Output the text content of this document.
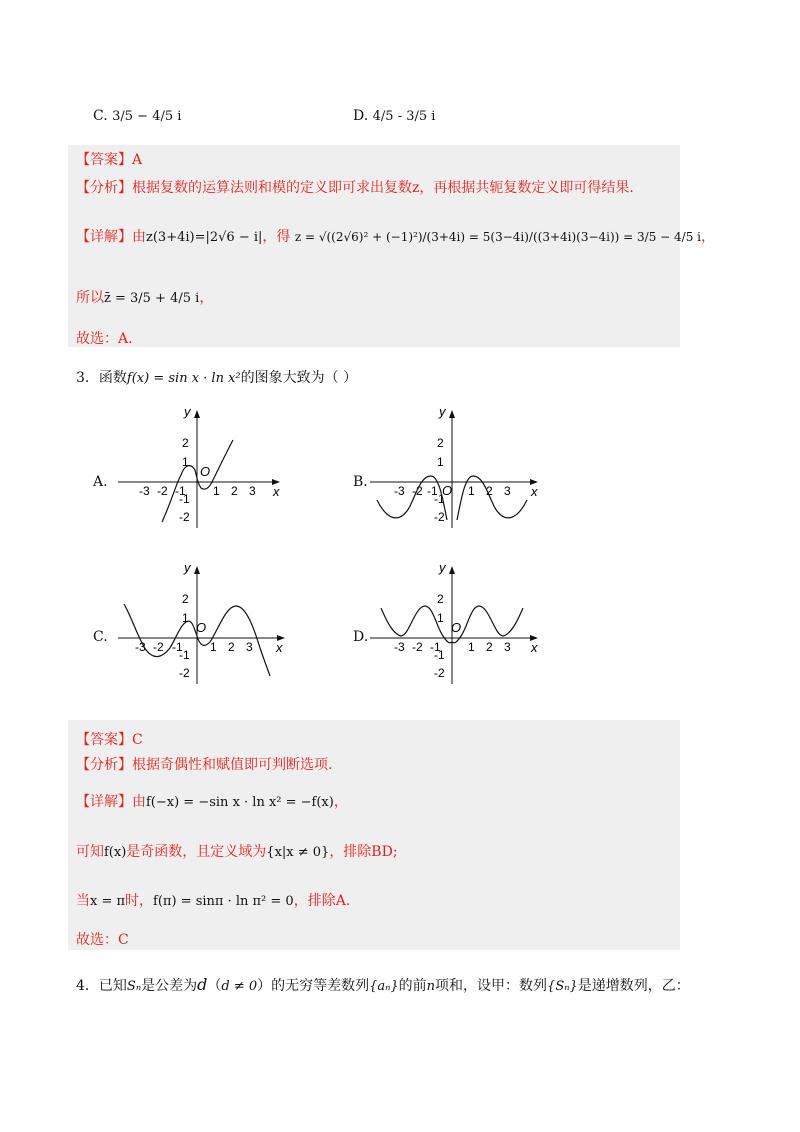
C. 3/5 − 4/5 i	D. 4/5 - 3/5 i
【答案】A
【分析】根据复数的运算法则和模的定义即可求出复数z，再根据共轭复数定义即可得结果.
【详解】由z(3+4i)=|2√6 − i|，得 z = √((2√6)² + (−1)²)/(3+4i) = 5(3−4i)/((3+4i)(3−4i)) = 3/5 − 4/5 i，
所以z̄ = 3/5 + 4/5 i，
故选：A.
3．函数f(x) = sin x · ln x²的图象大致为（ ）
A.	B.
C.	D.
y
x
O
-3 -2 -1 1 2 3
2
1
-1
-2
y
x
O
-3 -2 -1	1 2 3
2
1
-1
-2
y
x
O
-3 -2 -1 1 2 3
2
1
-1
-2
y
x
O
-3 -2 -1 1 2 3
2
1
-1
-2
【答案】C
【分析】根据奇偶性和赋值即可判断选项.
【详解】由f(−x) = −sin x · ln x² = −f(x)，
可知f(x)是奇函数，且定义域为{x|x ≠ 0}，排除BD;
当x = π时，f(π) = sinπ · ln π² = 0，排除A.
故选：C
4．已知Sₙ是公差为d（d ≠ 0）的无穷等差数列{aₙ}的前n项和，设甲：数列{Sₙ}是递增数列，乙：
